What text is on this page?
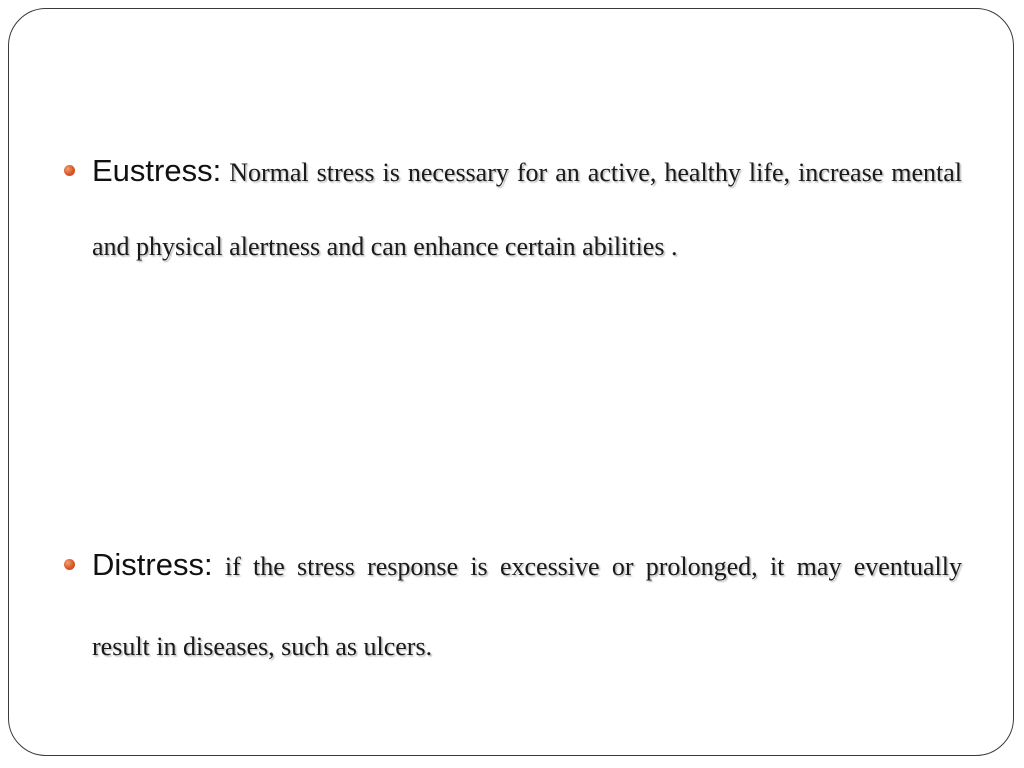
Eustress: Normal stress is necessary for an active, healthy life, increase mental and physical alertness and can enhance certain abilities .

Distress: if the stress response is excessive or prolonged, it may eventually result in diseases, such as ulcers.
